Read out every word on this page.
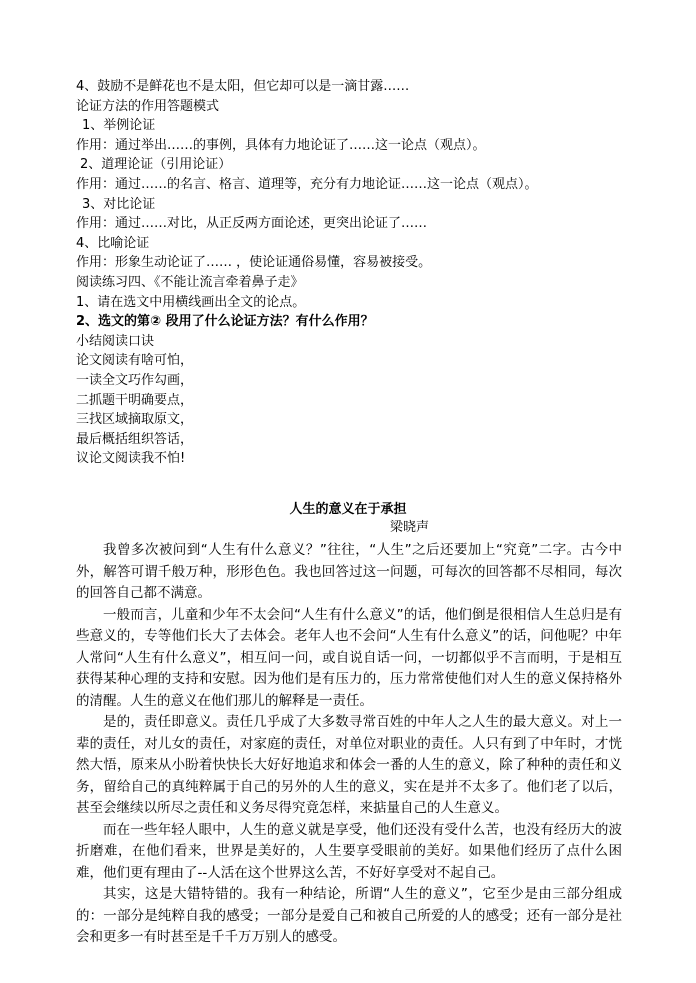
4、鼓励不是鲜花也不是太阳，但它却可以是一滴甘露……
论证方法的作用答题模式
1、举例论证
作用：通过举出……的事例，具体有力地论证了……这一论点（观点）。
2、道理论证（引用论证）
作用：通过……的名言、格言、道理等，充分有力地论证……这一论点（观点）。
3、对比论证
作用：通过……对比，从正反两方面论述，更突出论证了……
4、比喻论证
作用：形象生动论证了…… ，使论证通俗易懂，容易被接受。
阅读练习四、《不能让流言牵着鼻子走》
1、请在选文中用横线画出全文的论点。
2、选文的第② 段用了什么论证方法？有什么作用？
小结阅读口诀
论文阅读有啥可怕，
一读全文巧作勾画，
二抓题干明确要点，
三找区域摘取原文，
最后概括组织答话，
议论文阅读我不怕!
人生的意义在于承担
梁晓声

我曾多次被问到“人生有什么意义？”往往，“人生”之后还要加上“究竟”二字。古今中外，解答可谓千般万种，形形色色。我也回答过这一问题，可每次的回答都不尽相同，每次的回答自己都不满意。

一般而言，儿童和少年不太会问“人生有什么意义”的话，他们倒是很相信人生总归是有些意义的，专等他们长大了去体会。老年人也不会问“人生有什么意义”的话，问他呢？中年人常问“人生有什么意义”，相互问一问，或自说自话一问，一切都似乎不言而明，于是相互获得某种心理的支持和安慰。因为他们是有压力的，压力常常使他们对人生的意义保持格外的清醒。人生的意义在他们那儿的解释是一责任。

是的，责任即意义。责任几乎成了大多数寻常百姓的中年人之人生的最大意义。对上一辈的责任，对儿女的责任，对家庭的责任，对单位对职业的责任。人只有到了中年时，才恍然大悟，原来从小盼着快快长大好好地追求和体会一番的人生的意义，除了种种的责任和义务，留给自己的真纯粹属于自己的另外的人生的意义，实在是并不太多了。他们老了以后，甚至会继续以所尽之责任和义务尽得究竟怎样，来掂量自己的人生意义。

而在一些年轻人眼中，人生的意义就是享受，他们还没有受什么苦，也没有经历大的波折磨难，在他们看来，世界是美好的，人生要享受眼前的美好。如果他们经历了点什么困难，他们更有理由了--人活在这个世界这么苦，不好好享受对不起自己。

其实，这是大错特错的。我有一种结论，所谓“人生的意义”，它至少是由三部分组成的：一部分是纯粹自我的感受；一部分是爱自己和被自己所爱的人的感受；还有一部分是社会和更多一有时甚至是千千万万别人的感受。
